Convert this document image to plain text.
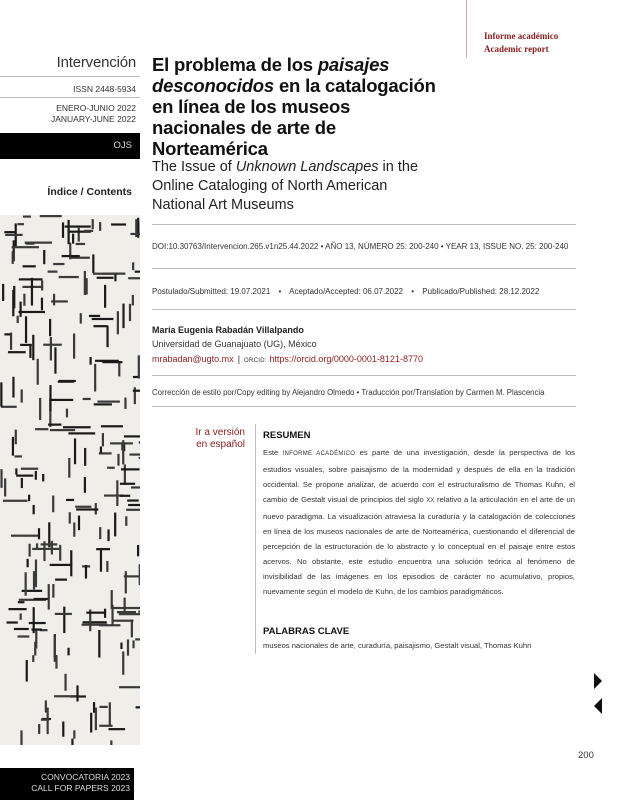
Intervención
ISSN 2448-5934
ENERO-JUNIO 2022
JANUARY-JUNE 2022
OJS
Índice / Contents
CONVOCATORIA 2023
CALL FOR PAPERS 2023
Informe académico
Academic report
El problema de los paisajes desconocidos en la catalogación en línea de los museos nacionales de arte de Norteamérica
The Issue of Unknown Landscapes in the Online Cataloging of North American National Art Museums
DOI:10.30763/Intervencion.265.v1n25.44.2022 • AÑO 13, NÚMERO 25: 200-240 • YEAR 13, ISSUE NO. 25: 200-240
Postulado/Submitted: 19.07.2021 • Aceptado/Accepted: 06.07.2022 • Publicado/Published: 28.12.2022
María Eugenia Rabadán Villalpando
Universidad de Guanajuato (UG), México
mrabadan@ugto.mx | ORCID: https://orcid.org/0000-0001-8121-8770
Corrección de estilo por/Copy editing by Alejandro Olmedo • Traducción por/Translation by Carmen M. Plascencia
Ir a versión
en español
RESUMEN
Este INFORME ACADÉMICO es parte de una investigación, desde la perspectiva de los estudios visuales, sobre paisajismo de la modernidad y después de ella en la tradición occidental. Se propone analizar, de acuerdo con el estructuralismo de Thomas Kuhn, el cambio de Gestalt visual de principios del siglo XX relativo a la articulación en el arte de un nuevo paradigma. La visualización atraviesa la curaduría y la catalogación de colecciones en línea de los museos nacionales de arte de Norteamérica, cuestionando el diferencial de percepción de la estructuración de lo abstracto y lo conceptual en el paisaje entre estos acervos. No obstante, este estudio encuentra una solución teórica al fenómeno de invisibilidad de las imágenes en los episodios de carácter no acumulativo, propios, nuevamente según el modelo de Kuhn, de los cambios paradigmáticos.
PALABRAS CLAVE
museos nacionales de arte, curaduría, paisajismo, Gestalt visual, Thomas Kuhn
200
